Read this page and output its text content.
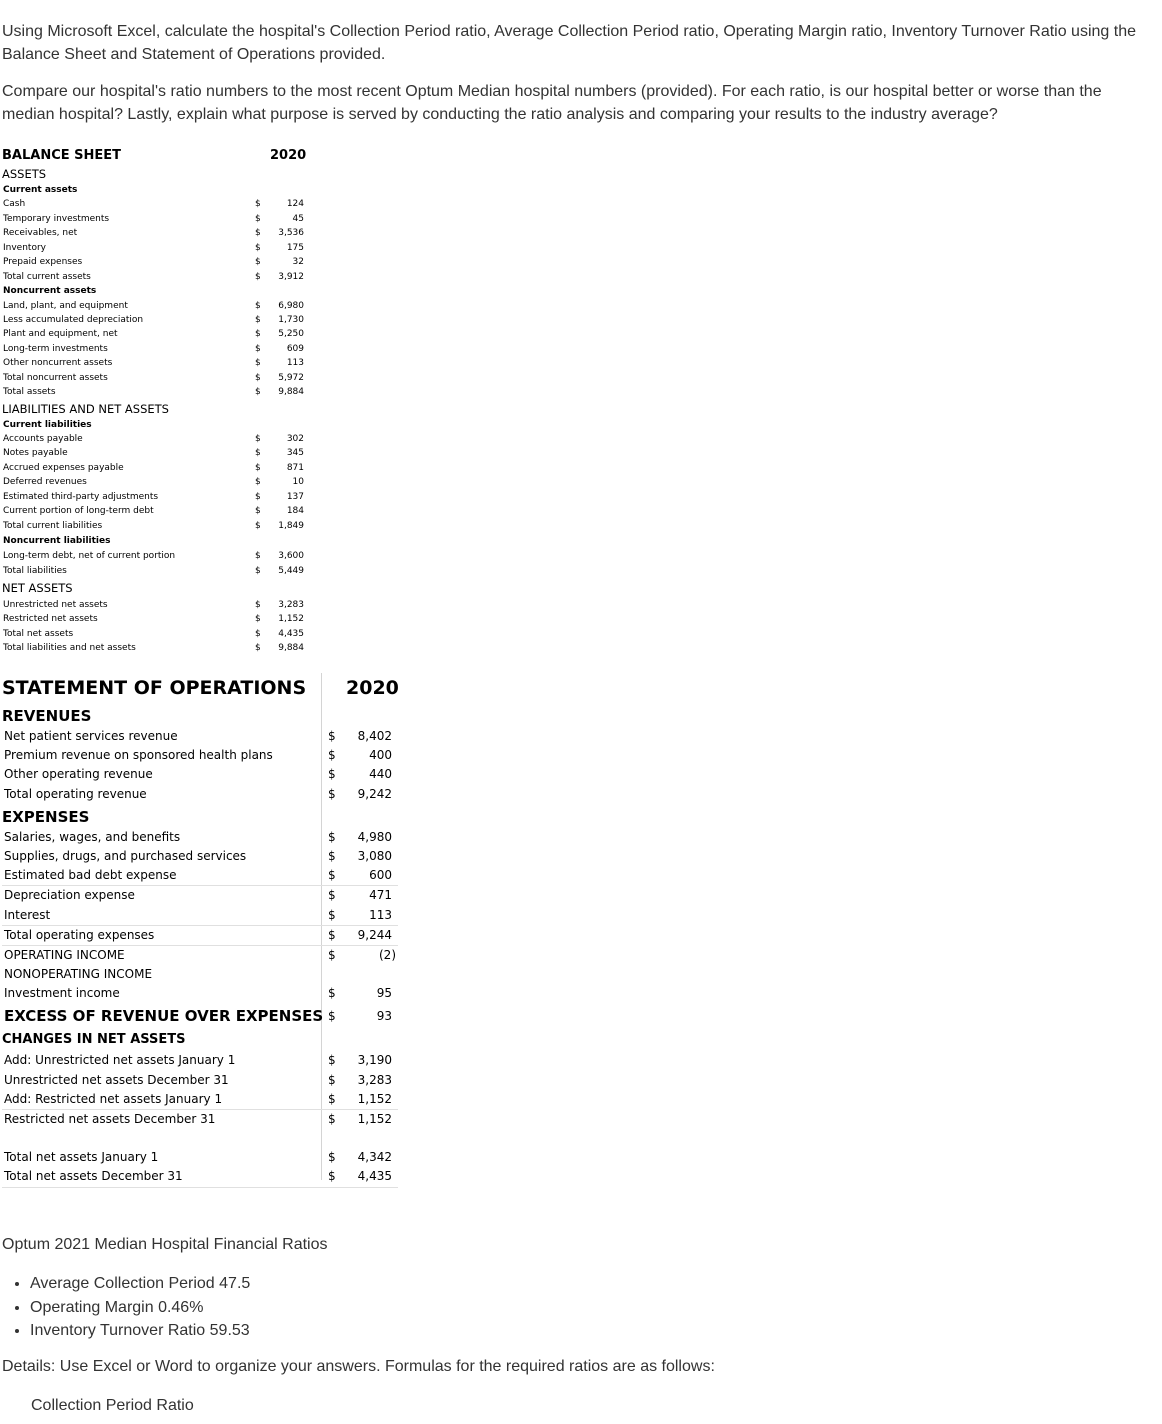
Using Microsoft Excel, calculate the hospital's Collection Period ratio, Average Collection Period ratio, Operating Margin ratio, Inventory Turnover Ratio using the Balance Sheet and Statement of Operations provided.

Compare our hospital's ratio numbers to the most recent Optum Median hospital numbers (provided). For each ratio, is our hospital better or worse than the median hospital? Lastly, explain what purpose is served by conducting the ratio analysis and comparing your results to the industry average?

BALANCE SHEET	2020
ASSETS
Current assets
Cash	$	124
Temporary investments	$	45
Receivables, net	$ 3,536
Inventory	$	175
Prepaid expenses	$	32
Total current assets	$ 3,912
Noncurrent assets
Land, plant, and equipment	$ 6,980
Less accumulated depreciation	$ 1,730
Plant and equipment, net	$ 5,250
Long-term investments	$	609
Other noncurrent assets	$	113
Total noncurrent assets	$ 5,972
Total assets	$ 9,884
LIABILITIES AND NET ASSETS
Current liabilities
Accounts payable	$	302
Notes payable	$	345
Accrued expenses payable	$	871
Deferred revenues	$	10
Estimated third-party adjustments	$	137
Current portion of long-term debt	$	184
Total current liabilities	$ 1,849
Noncurrent liabilities
Long-term debt, net of current portion	$ 3,600
Total liabilities	$ 5,449
NET ASSETS
Unrestricted net assets	$ 3,283
Restricted net assets	$ 1,152
Total net assets	$ 4,435
Total liabilities and net assets	$ 9,884
STATEMENT OF OPERATIONS 2020
REVENUES
Net patient services revenue	$ 8,402
Premium revenue on sponsored health plans	$	400
Other operating revenue	$	440
Total operating revenue	$ 9,242
EXPENSES
Salaries, wages, and benefits	$ 4,980
Supplies, drugs, and purchased services	$ 3,080
Estimated bad debt expense	$	600
Depreciation expense	$	471
Interest	$	113
Total operating expenses	$ 9,244
OPERATING INCOME	$	(2)
NONOPERATING INCOME
Investment income	$	95
EXCESS OF REVENUE OVER EXPENSES $	93
CHANGES IN NET ASSETS
Add: Unrestricted net assets January 1	$ 3,190
Unrestricted net assets December 31	$ 3,283
Add: Restricted net assets January 1	$ 1,152
Restricted net assets December 31	$ 1,152
Total net assets January 1	$ 4,342
Total net assets December 31	$ 4,435
Optum 2021 Median Hospital Financial Ratios
• Average Collection Period 47.5
• Operating Margin 0.46%
• Inventory Turnover Ratio 59.53
Details: Use Excel or Word to organize your answers. Formulas for the required ratios are as follows:
Collection Period Ratio
